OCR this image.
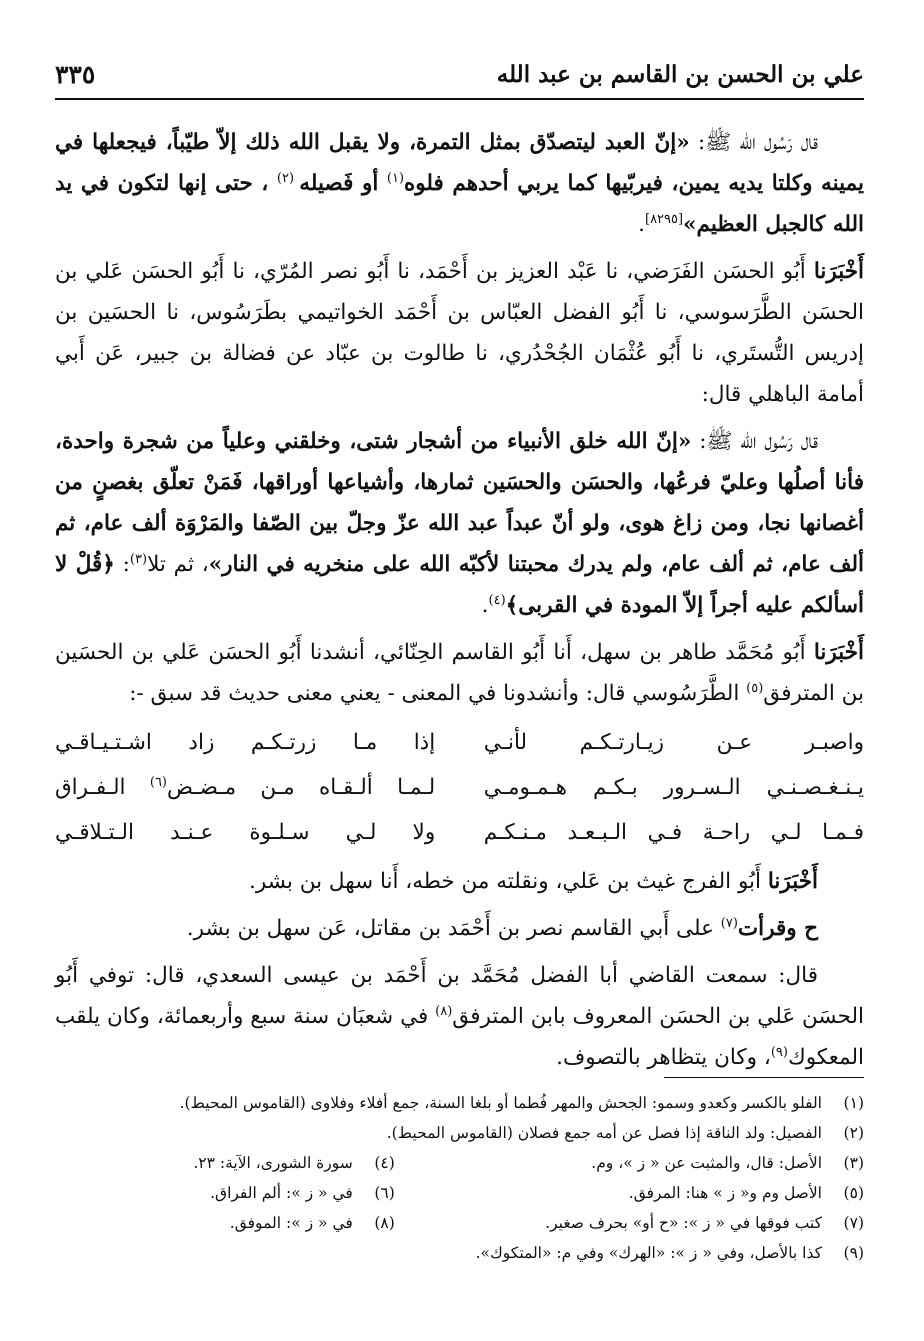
علي بن الحسن بن القاسم بن عبد الله
٣٣٥

قال رَسُول الله ﷺ: «إنّ العبد ليتصدّق بمثل التمرة، ولا يقبل الله ذلك إلاّ طيّباً، فيجعلها في يمينه وكلتا يديه يمين، فيربّيها كما يربي أحدهم فلوه$^{(١)}$ أو فَصيله $^{(٢)}$ ، حتى إنها لتكون في يد الله كالجبل العظيم»[٨٢٩٥].

أَخْبَرَنا أَبُو الحسَن الفَرَضي، نا عَبْد العزيز بن أَحْمَد، نا أَبُو نصر المُرّي، نا أَبُو الحسَن عَلي بن الحسَن الطَّرَسوسي، نا أَبُو الفضل العبّاس بن أَحْمَد الخواتيمي بطَرَسُوس، نا الحسَين بن إدريس التُّستَري، نا أَبُو عُثْمَان الجُحْدُري، نا طالوت بن عبّاد عن فضالة بن جبير، عَن أَبي أمامة الباهلي قال:

قال رَسُول الله ﷺ: «إنّ الله خلق الأنبياء من أشجار شتى، وخلقني وعلياً من شجرة واحدة، فأنا أصلُها وعليّ فرعُها، والحسَن والحسَين ثمارها، وأشياعها أوراقها، فَمَنْ تعلّق بغصنٍ من أغصانها نجا، ومن زاغ هوى، ولو أنّ عبداً عبد الله عزّ وجلّ بين الصّفا والمَرْوَة ألف عام، ثم ألف عام، ثم ألف عام، ولم يدرك محبتنا لأكبّه الله على منخريه في النار»، ثم تلا$^{(٣)}$: ﴿قُلْ لا أسألكم عليه أجراً إلاّ المودة في القربى﴾$^{(٤)}$.

أَخْبَرَنا أَبُو مُحَمَّد طاهر بن سهل، أَنا أَبُو القاسم الحِنّائي، أنشدنا أَبُو الحسَن عَلي بن الحسَين بن المترفق$^{(٥)}$ الطَّرَسُوسي قال: وأنشدونا في المعنى - يعني معنى حديث قد سبق -:

واصبـر عـن زيـارتـكـم لأنـي
إذا مـا زرتـكـم زاد اشـتـيـاقـي
يـنـغـصـنـي الـسـرور بـكـم هـمـومـي
لـمـا ألـقـاه مـن مـضـض$^{(٦)}$ الـفـراق
فـمـا لـي راحـة فـي الـبـعـد مـنـكـم
ولا لـي سـلـوة عـنـد الـتـلاقـي

أَخْبَرَنا أَبُو الفرج غيث بن عَلي، ونقلته من خطه، أَنا سهل بن بشر.

ح وقرأت$^{(٧)}$ على أَبي القاسم نصر بن أَحْمَد بن مقاتل، عَن سهل بن بشر.

قال: سمعت القاضي أبا الفضل مُحَمَّد بن أَحْمَد بن عيسى السعدي، قال: توفي أَبُو الحسَن عَلي بن الحسَن المعروف بابن المترفق$^{(٨)}$ في شعبَان سنة سبع وأربعمائة، وكان يلقب المعكوك$^{(٩)}$، وكان يتظاهر بالتصوف.

(١)
الفلو بالكسر وكعدو وسمو: الجحش والمهر فُطما أو بلغا السنة، جمع أفلاء وفلاوى (القاموس المحيط).
(٢)
الفصيل: ولد الناقة إذا فصل عن أمه جمع فصلان (القاموس المحيط).
(٣)
الأصل: قال، والمثبت عن « ز »، وم.
(٤)
سورة الشورى، الآية: ٢٣.
(٥)
الأصل وم و« ز » هنا: المرفق.
(٦)
في « ز »: ألم الفراق.
(٧)
كتب فوقها في « ز »: «ح أو» بحرف صغير.
(٨)
في « ز »: الموفق.
(٩)
كذا بالأصل، وفي « ز »: «الهرك» وفي م: «المتكوك».
